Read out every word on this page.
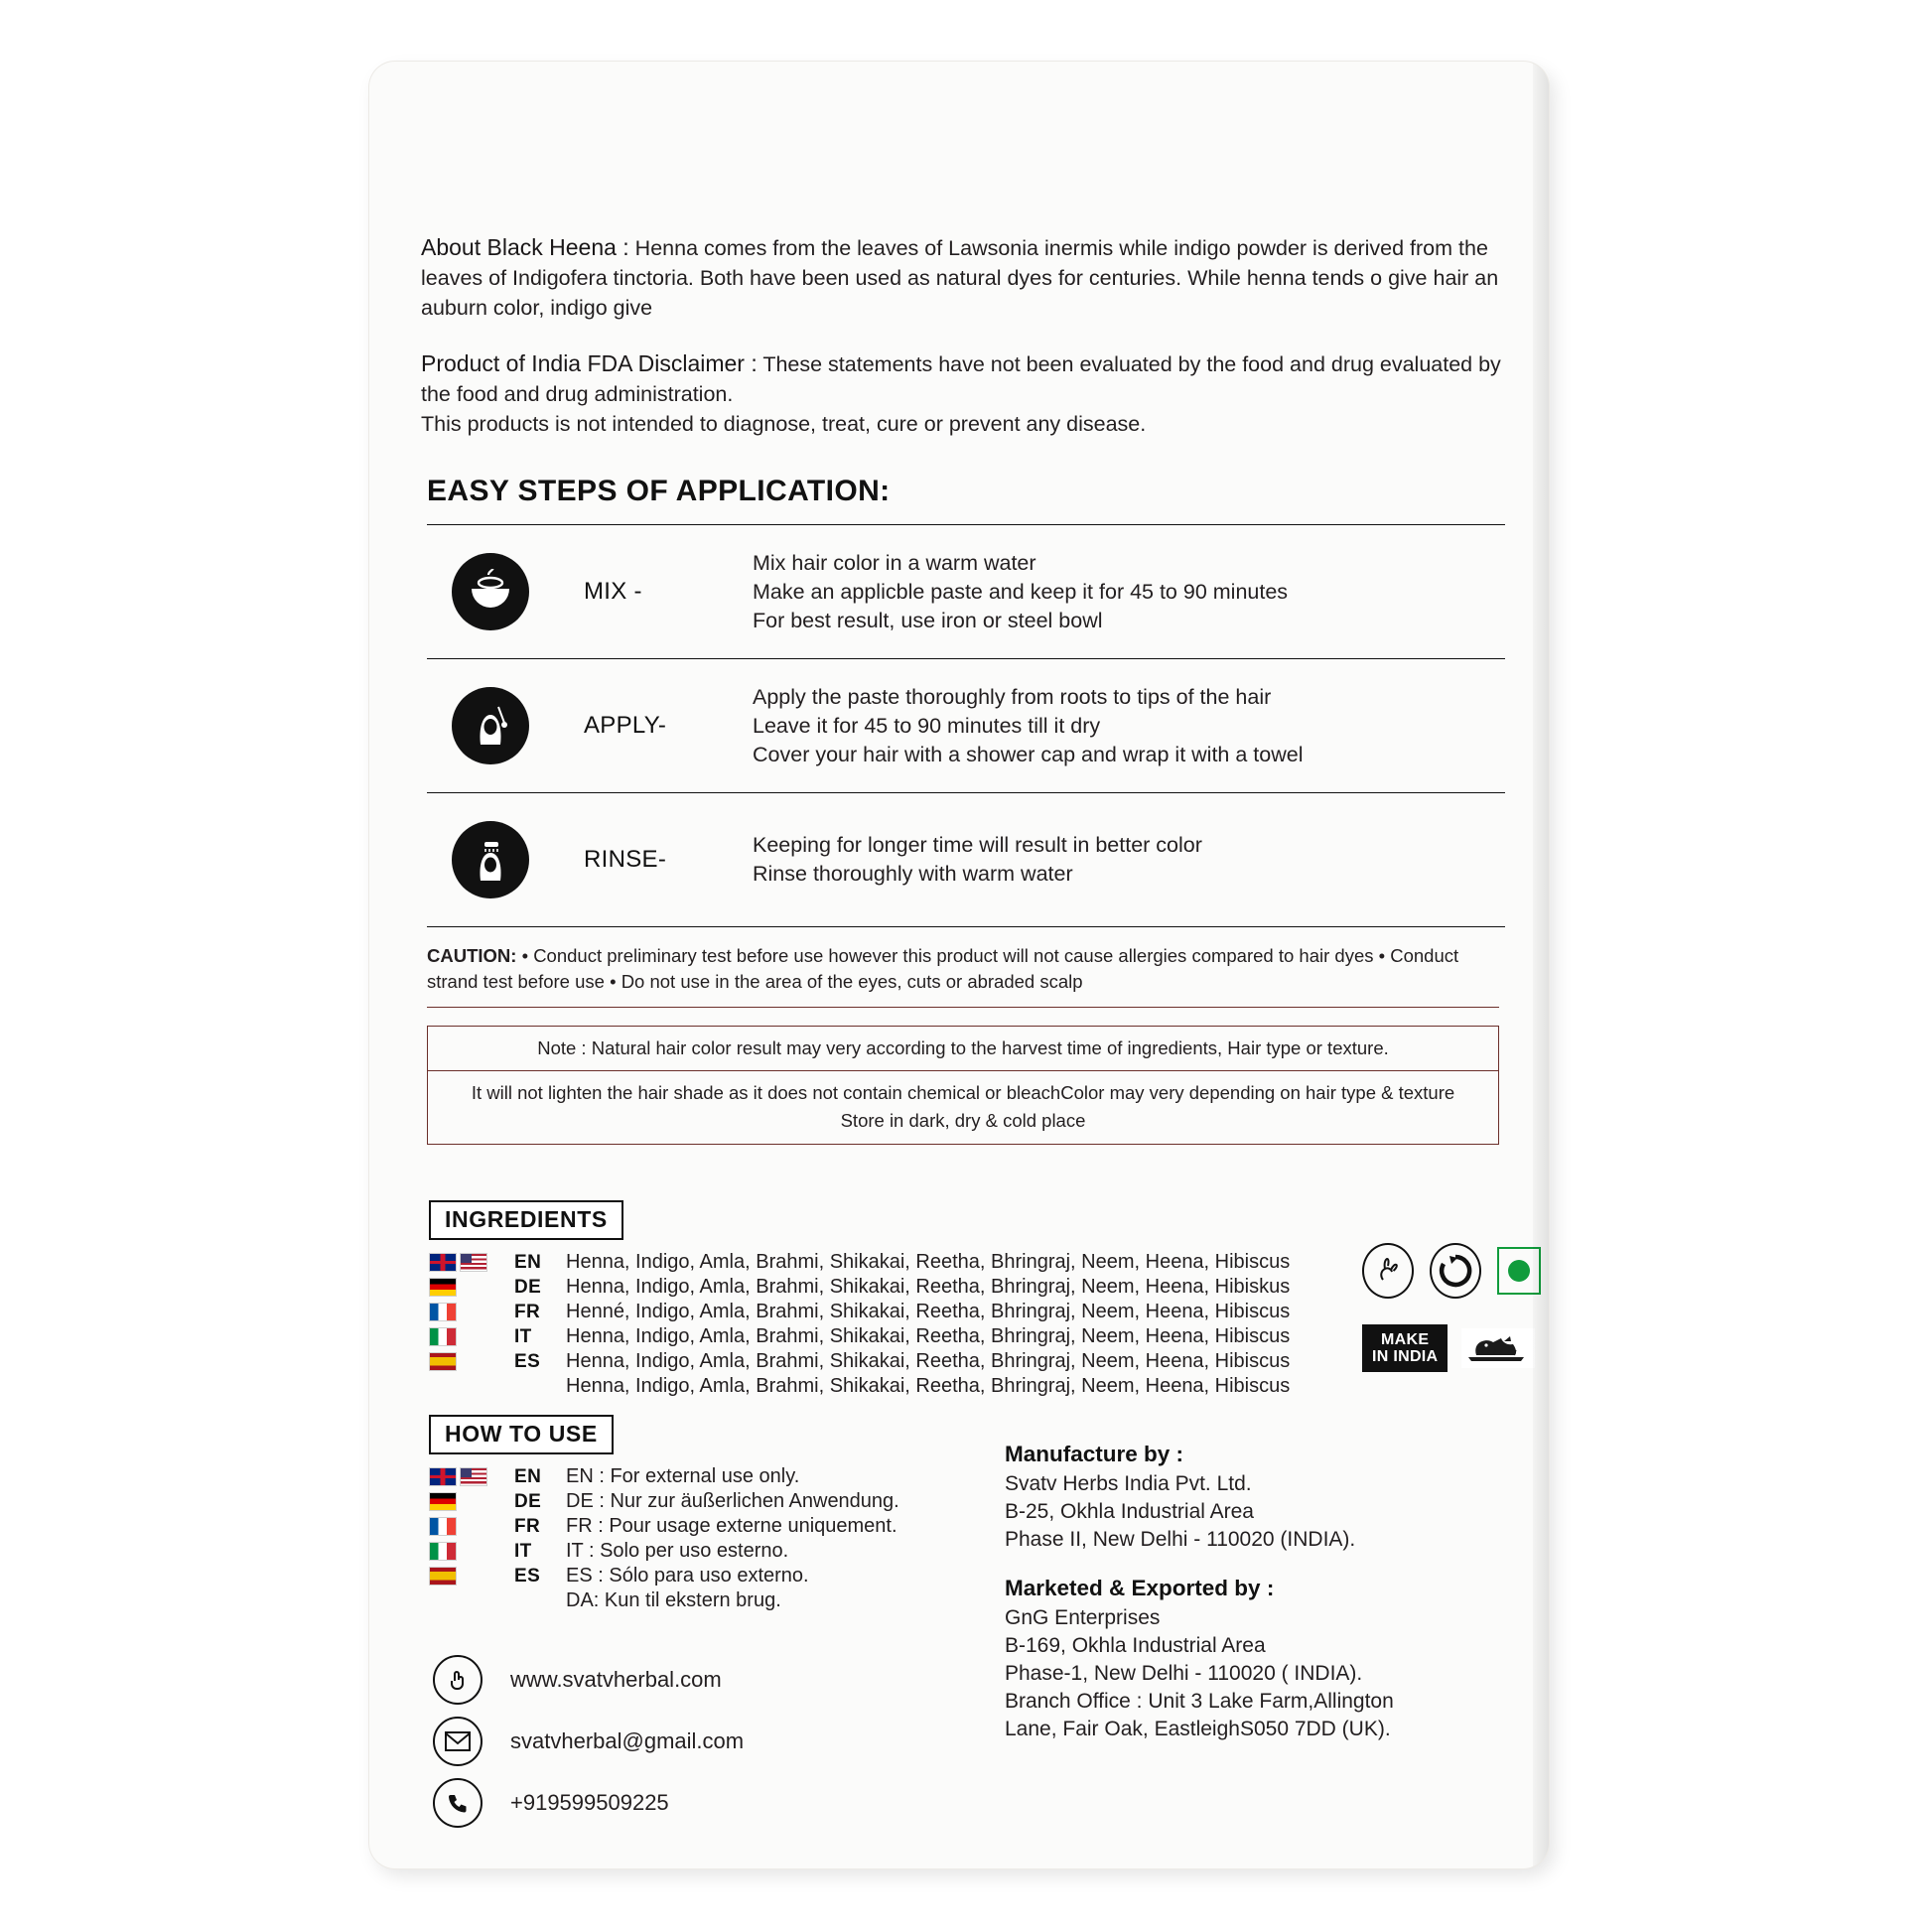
About Black Heena : Henna comes from the leaves of Lawsonia inermis while indigo powder is derived from the leaves of Indigofera tinctoria. Both have been used as natural dyes for centuries. While henna tends o give hair an auburn color, indigo give
Product of India FDA Disclaimer : These statements have not been evaluated by the food and drug evaluated by the food and drug administration.
This products is not intended to diagnose, treat, cure or prevent any disease.
EASY STEPS OF APPLICATION:
MIX -
Mix hair color in a warm water
Make an applicble paste and keep it for 45 to 90 minutes
For best result, use iron or steel bowl
APPLY-
Apply the paste thoroughly from roots to tips of the hair
Leave it for 45 to 90 minutes till it dry
Cover your hair with a shower cap and wrap it with a towel
RINSE-
Keeping for longer time will result in better color
Rinse thoroughly with warm water
CAUTION: • Conduct preliminary test before use however this product will not cause allergies compared to hair dyes • Conduct strand test before use • Do not use in the area of the eyes, cuts or abraded scalp
Note : Natural hair color result may very according to the harvest time of ingredients, Hair type or texture.
It will not lighten the hair shade as it does not contain chemical or bleachColor may very depending on hair type & texture
Store in dark, dry & cold place
INGREDIENTS
EN	Henna, Indigo, Amla, Brahmi, Shikakai, Reetha, Bhringraj, Neem, Heena, Hibiscus
DE	Henna, Indigo, Amla, Brahmi, Shikakai, Reetha, Bhringraj, Neem, Heena, Hibiskus
FR	Henné, Indigo, Amla, Brahmi, Shikakai, Reetha, Bhringraj, Neem, Heena, Hibiscus
IT	Henna, Indigo, Amla, Brahmi, Shikakai, Reetha, Bhringraj, Neem, Heena, Hibiscus
ES	Henna, Indigo, Amla, Brahmi, Shikakai, Reetha, Bhringraj, Neem, Heena, Hibiscus
Henna, Indigo, Amla, Brahmi, Shikakai, Reetha, Bhringraj, Neem, Heena, Hibiscus
HOW TO USE
EN	EN : For external use only.
DE	DE : Nur zur äußerlichen Anwendung.
FR	FR : Pour usage externe uniquement.
IT	IT : Solo per uso esterno.
ES	ES : Sólo para uso externo.
DA: Kun til ekstern brug.
www.svatvherbal.com
svatvherbal@gmail.com
+919599509225
Manufacture by :
Svatv Herbs India Pvt. Ltd.
B-25, Okhla Industrial Area
Phase II, New Delhi - 110020 (INDIA).
Marketed & Exported by :
GnG Enterprises
B-169, Okhla Industrial Area
Phase-1, New Delhi - 110020 ( INDIA).
Branch Office : Unit 3 Lake Farm,Allington
Lane, Fair Oak, EastleighS050 7DD (UK).
MAKE
IN INDIA
